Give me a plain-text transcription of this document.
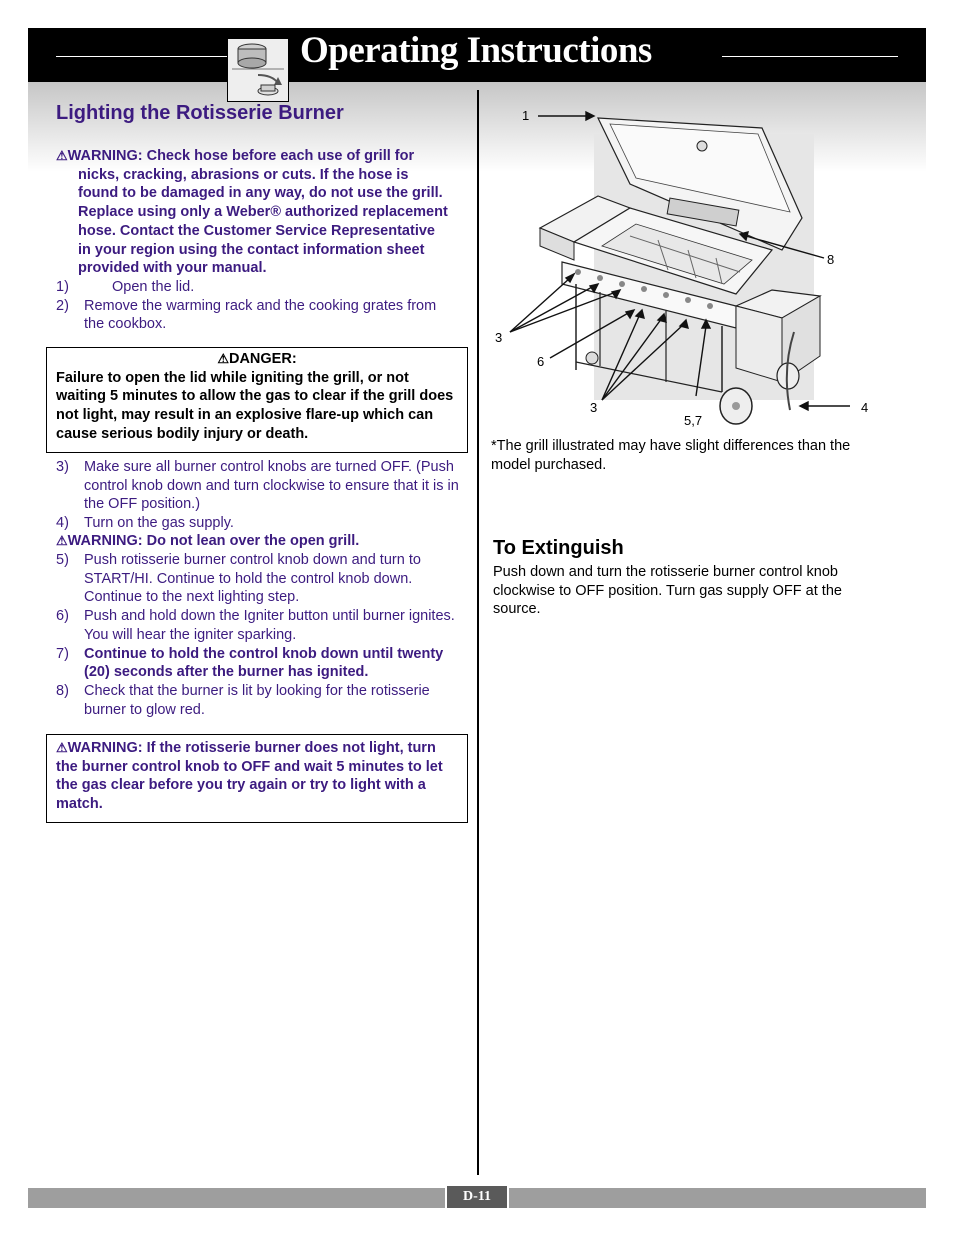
Operating Instructions
Lighting the Rotisserie Burner
⚠WARNING: Check hose before each use of grill for nicks, cracking, abrasions or cuts. If the hose is found to be damaged in any way, do not use the grill. Replace using only a Weber® authorized replacement hose. Contact the Customer Service Representative in your region using the contact information sheet provided with your manual.
1)	Open the lid.
2) Remove the warming rack and the cooking grates from the cookbox.
⚠DANGER:
Failure to open the lid while igniting the grill, or not waiting 5 minutes to allow the gas to clear if the grill does not light, may result in an explosive flare-up which can cause serious bodily injury or death.
3) Make sure all burner control knobs are turned OFF. (Push control knob down and turn clockwise to ensure that it is in the OFF position.)
4) Turn on the gas supply.
⚠WARNING: Do not lean over the open grill.
5) Push rotisserie burner control knob down and turn to START/HI. Continue to hold the control knob down. Continue to the next lighting step.
6) Push and hold down the Igniter button until burner ignites. You will hear the igniter sparking.
7) Continue to hold the control knob down until twenty (20) seconds after the burner has ignited.
8) Check that the burner is lit by looking for the rotisserie burner to glow red.
⚠WARNING: If the rotisserie burner does not light, turn the burner control knob to OFF and wait 5 minutes to let the gas clear before you try again or try to light with a match.
1
8
3
6
3
5,7
4
*The grill illustrated may have slight differences than the model purchased.
To Extinguish
Push down and turn the rotisserie burner control knob clockwise to OFF position. Turn gas supply OFF at the source.
D-11
